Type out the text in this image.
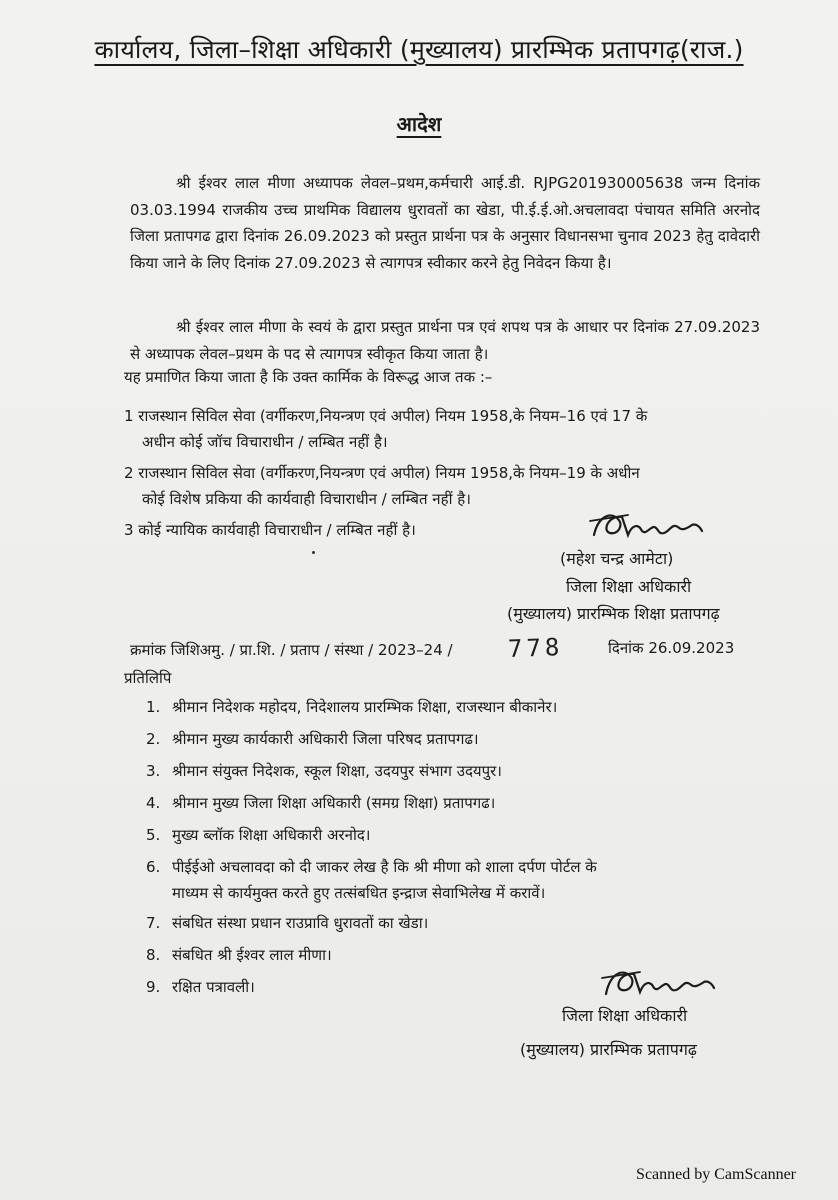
कार्यालय, जिला–शिक्षा अधिकारी (मुख्यालय) प्रारम्भिक प्रतापगढ़(राज.)
आदेश
श्री ईश्वर लाल मीणा अध्यापक लेवल–प्रथम,कर्मचारी आई.डी. RJPG201930005638 जन्म दिनांक 03.03.1994 राजकीय उच्च प्राथमिक विद्यालय धुरावतों का खेडा, पी.ई.ई.ओ.अचलावदा पंचायत समिति अरनोद जिला प्रतापगढ द्वारा दिनांक 26.09.2023 को प्रस्तुत प्रार्थना पत्र के अनुसार विधानसभा चुनाव 2023 हेतु दावेदारी किया जाने के लिए दिनांक 27.09.2023 से त्यागपत्र स्वीकार करने हेतु निवेदन किया है।
श्री ईश्वर लाल मीणा के स्वयं के द्वारा प्रस्तुत प्रार्थना पत्र एवं शपथ पत्र के आधार पर दिनांक 27.09.2023 से अध्यापक लेवल–प्रथम के पद से त्यागपत्र स्वीकृत किया जाता है।
यह प्रमाणित किया जाता है कि उक्त कार्मिक के विरूद्ध आज तक :–
1 राजस्थान सिविल सेवा (वर्गीकरण,नियन्त्रण एवं अपील) नियम 1958,के नियम–16 एवं 17 के
अधीन कोई जॉच विचाराधीन / लम्बित नहीं है।
2 राजस्थान सिविल सेवा (वर्गीकरण,नियन्त्रण एवं अपील) नियम 1958,के नियम–19 के अधीन
कोई विशेष प्रकिया की कार्यवाही विचाराधीन / लम्बित नहीं है।
3 कोई न्यायिक कार्यवाही विचाराधीन / लम्बित नहीं है।
(महेश चन्द्र आमेटा)
जिला शिक्षा अधिकारी
(मुख्यालय) प्रारम्भिक शिक्षा प्रतापगढ़
क्रमांक जिशिअमु. / प्रा.शि. / प्रताप / संस्था / 2023–24 / 778	दिनांक 26.09.2023
प्रतिलिपि
1. श्रीमान निदेशक महोदय, निदेशालय प्रारम्भिक शिक्षा, राजस्थान बीकानेर।
2. श्रीमान मुख्य कार्यकारी अधिकारी जिला परिषद प्रतापगढ।
3. श्रीमान संयुक्त निदेशक, स्कूल शिक्षा, उदयपुर संभाग उदयपुर।
4. श्रीमान मुख्य जिला शिक्षा अधिकारी (समग्र शिक्षा) प्रतापगढ।
5. मुख्य ब्लॉक शिक्षा अधिकारी अरनोद।
6. पीईईओ अचलावदा को दी जाकर लेख है कि श्री मीणा को शाला दर्पण पोर्टल के
माध्यम से कार्यमुक्त करते हुए तत्संबधित इन्द्राज सेवाभिलेख में करावें।
7. संबधित संस्था प्रधान राउप्रावि धुरावतों का खेडा।
8. संबधित श्री ईश्वर लाल मीणा।
9. रक्षित पत्रावली।
जिला शिक्षा अधिकारी
(मुख्यालय) प्रारम्भिक प्रतापगढ़
Scanned by CamScanner
